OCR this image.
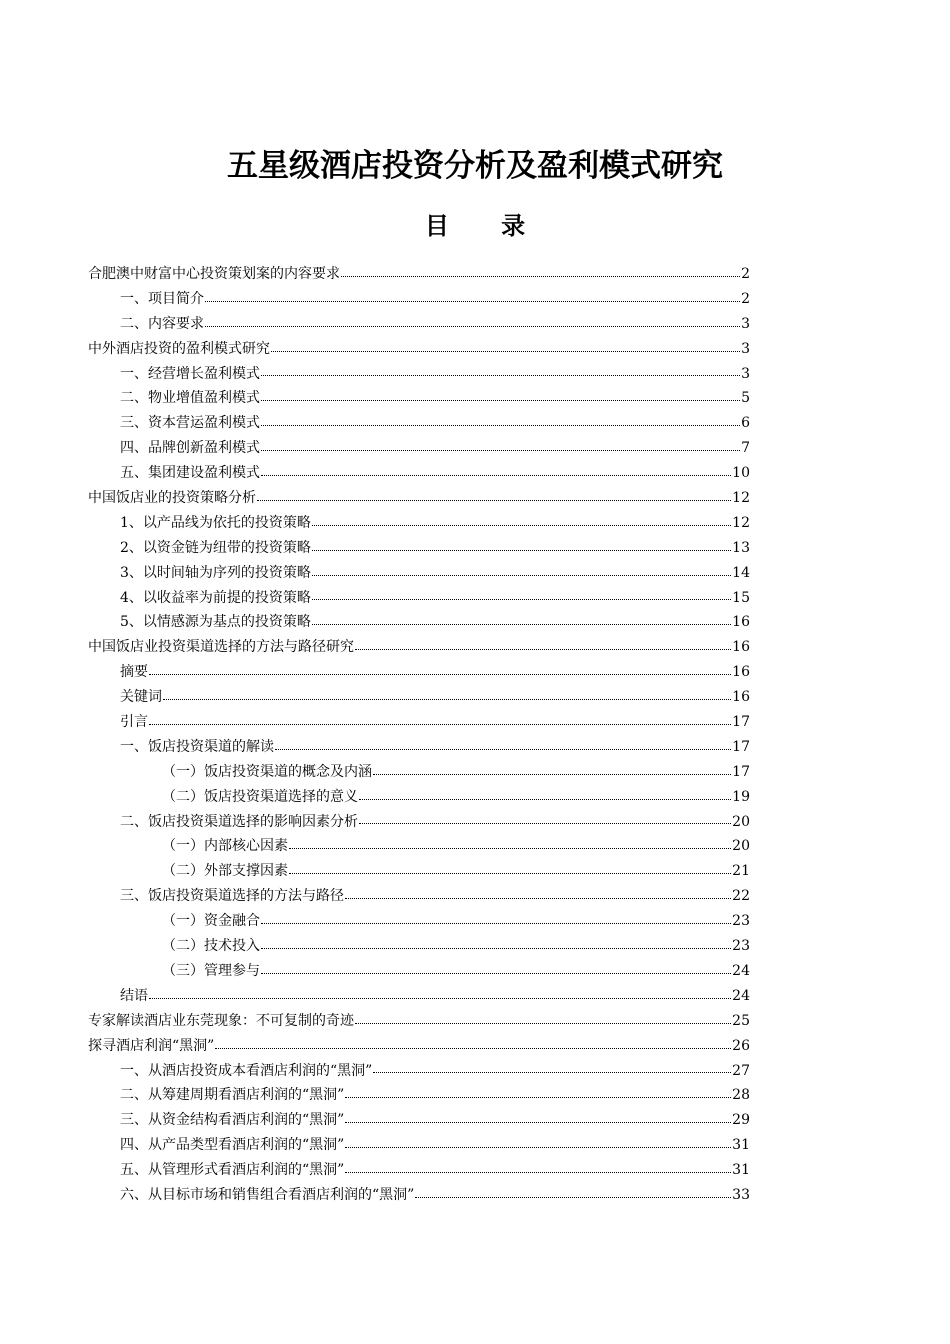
五星级酒店投资分析及盈利模式研究
目 录
合肥澳中财富中心投资策划案的内容要求	2
一、项目简介	2
二、内容要求	3
中外酒店投资的盈利模式研究	3
一、经营增长盈利模式	3
二、物业增值盈利模式	5
三、资本营运盈利模式	6
四、品牌创新盈利模式	7
五、集团建设盈利模式	10
中国饭店业的投资策略分析	12
1、以产品线为依托的投资策略	12
2、以资金链为纽带的投资策略	13
3、以时间轴为序列的投资策略	14
4、以收益率为前提的投资策略	15
5、以情感源为基点的投资策略	16
中国饭店业投资渠道选择的方法与路径研究	16
摘要	16
关键词	16
引言	17
一、饭店投资渠道的解读	17
（一）饭店投资渠道的概念及内涵	17
（二）饭店投资渠道选择的意义	19
二、饭店投资渠道选择的影响因素分析	20
（一）内部核心因素	20
（二）外部支撑因素	21
三、饭店投资渠道选择的方法与路径	22
（一）资金融合	23
（二）技术投入	23
（三）管理参与	24
结语	24
专家解读酒店业东莞现象：不可复制的奇迹	25
探寻酒店利润“黑洞”	26
一、从酒店投资成本看酒店利润的“黑洞”	27
二、从筹建周期看酒店利润的“黑洞”	28
三、从资金结构看酒店利润的“黑洞”	29
四、从产品类型看酒店利润的“黑洞”	31
五、从管理形式看酒店利润的“黑洞”	31
六、从目标市场和销售组合看酒店利润的“黑洞”	33
